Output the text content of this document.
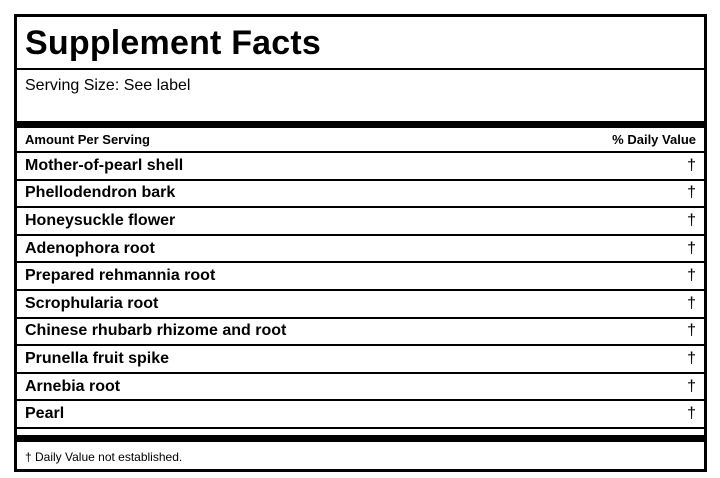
Supplement Facts
Serving Size: See label
Amount Per Serving	% Daily Value
Mother-of-pearl shell	†
Phellodendron bark	†
Honeysuckle flower	†
Adenophora root	†
Prepared rehmannia root	†
Scrophularia root	†
Chinese rhubarb rhizome and root	†
Prunella fruit spike	†
Arnebia root	†
Pearl	†
† Daily Value not established.
